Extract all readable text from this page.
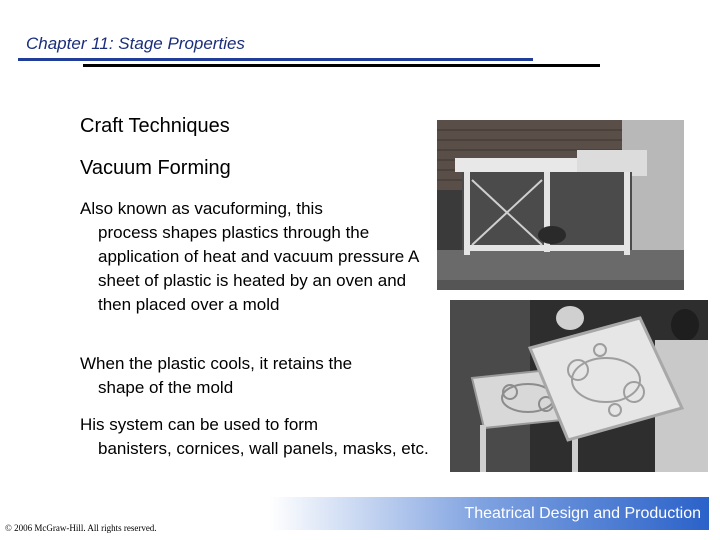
Chapter 11: Stage Properties
Craft Techniques
Vacuum Forming
Also known as vacuforming, this
process shapes plastics through the application of heat and vacuum pressure A sheet of plastic is heated by an oven and then placed over a mold
When the plastic cools, it retains the
shape of the mold
His system can be used to form
banisters, cornices, wall panels, masks, etc.
Theatrical Design and Production
© 2006 McGraw-Hill. All rights reserved.
